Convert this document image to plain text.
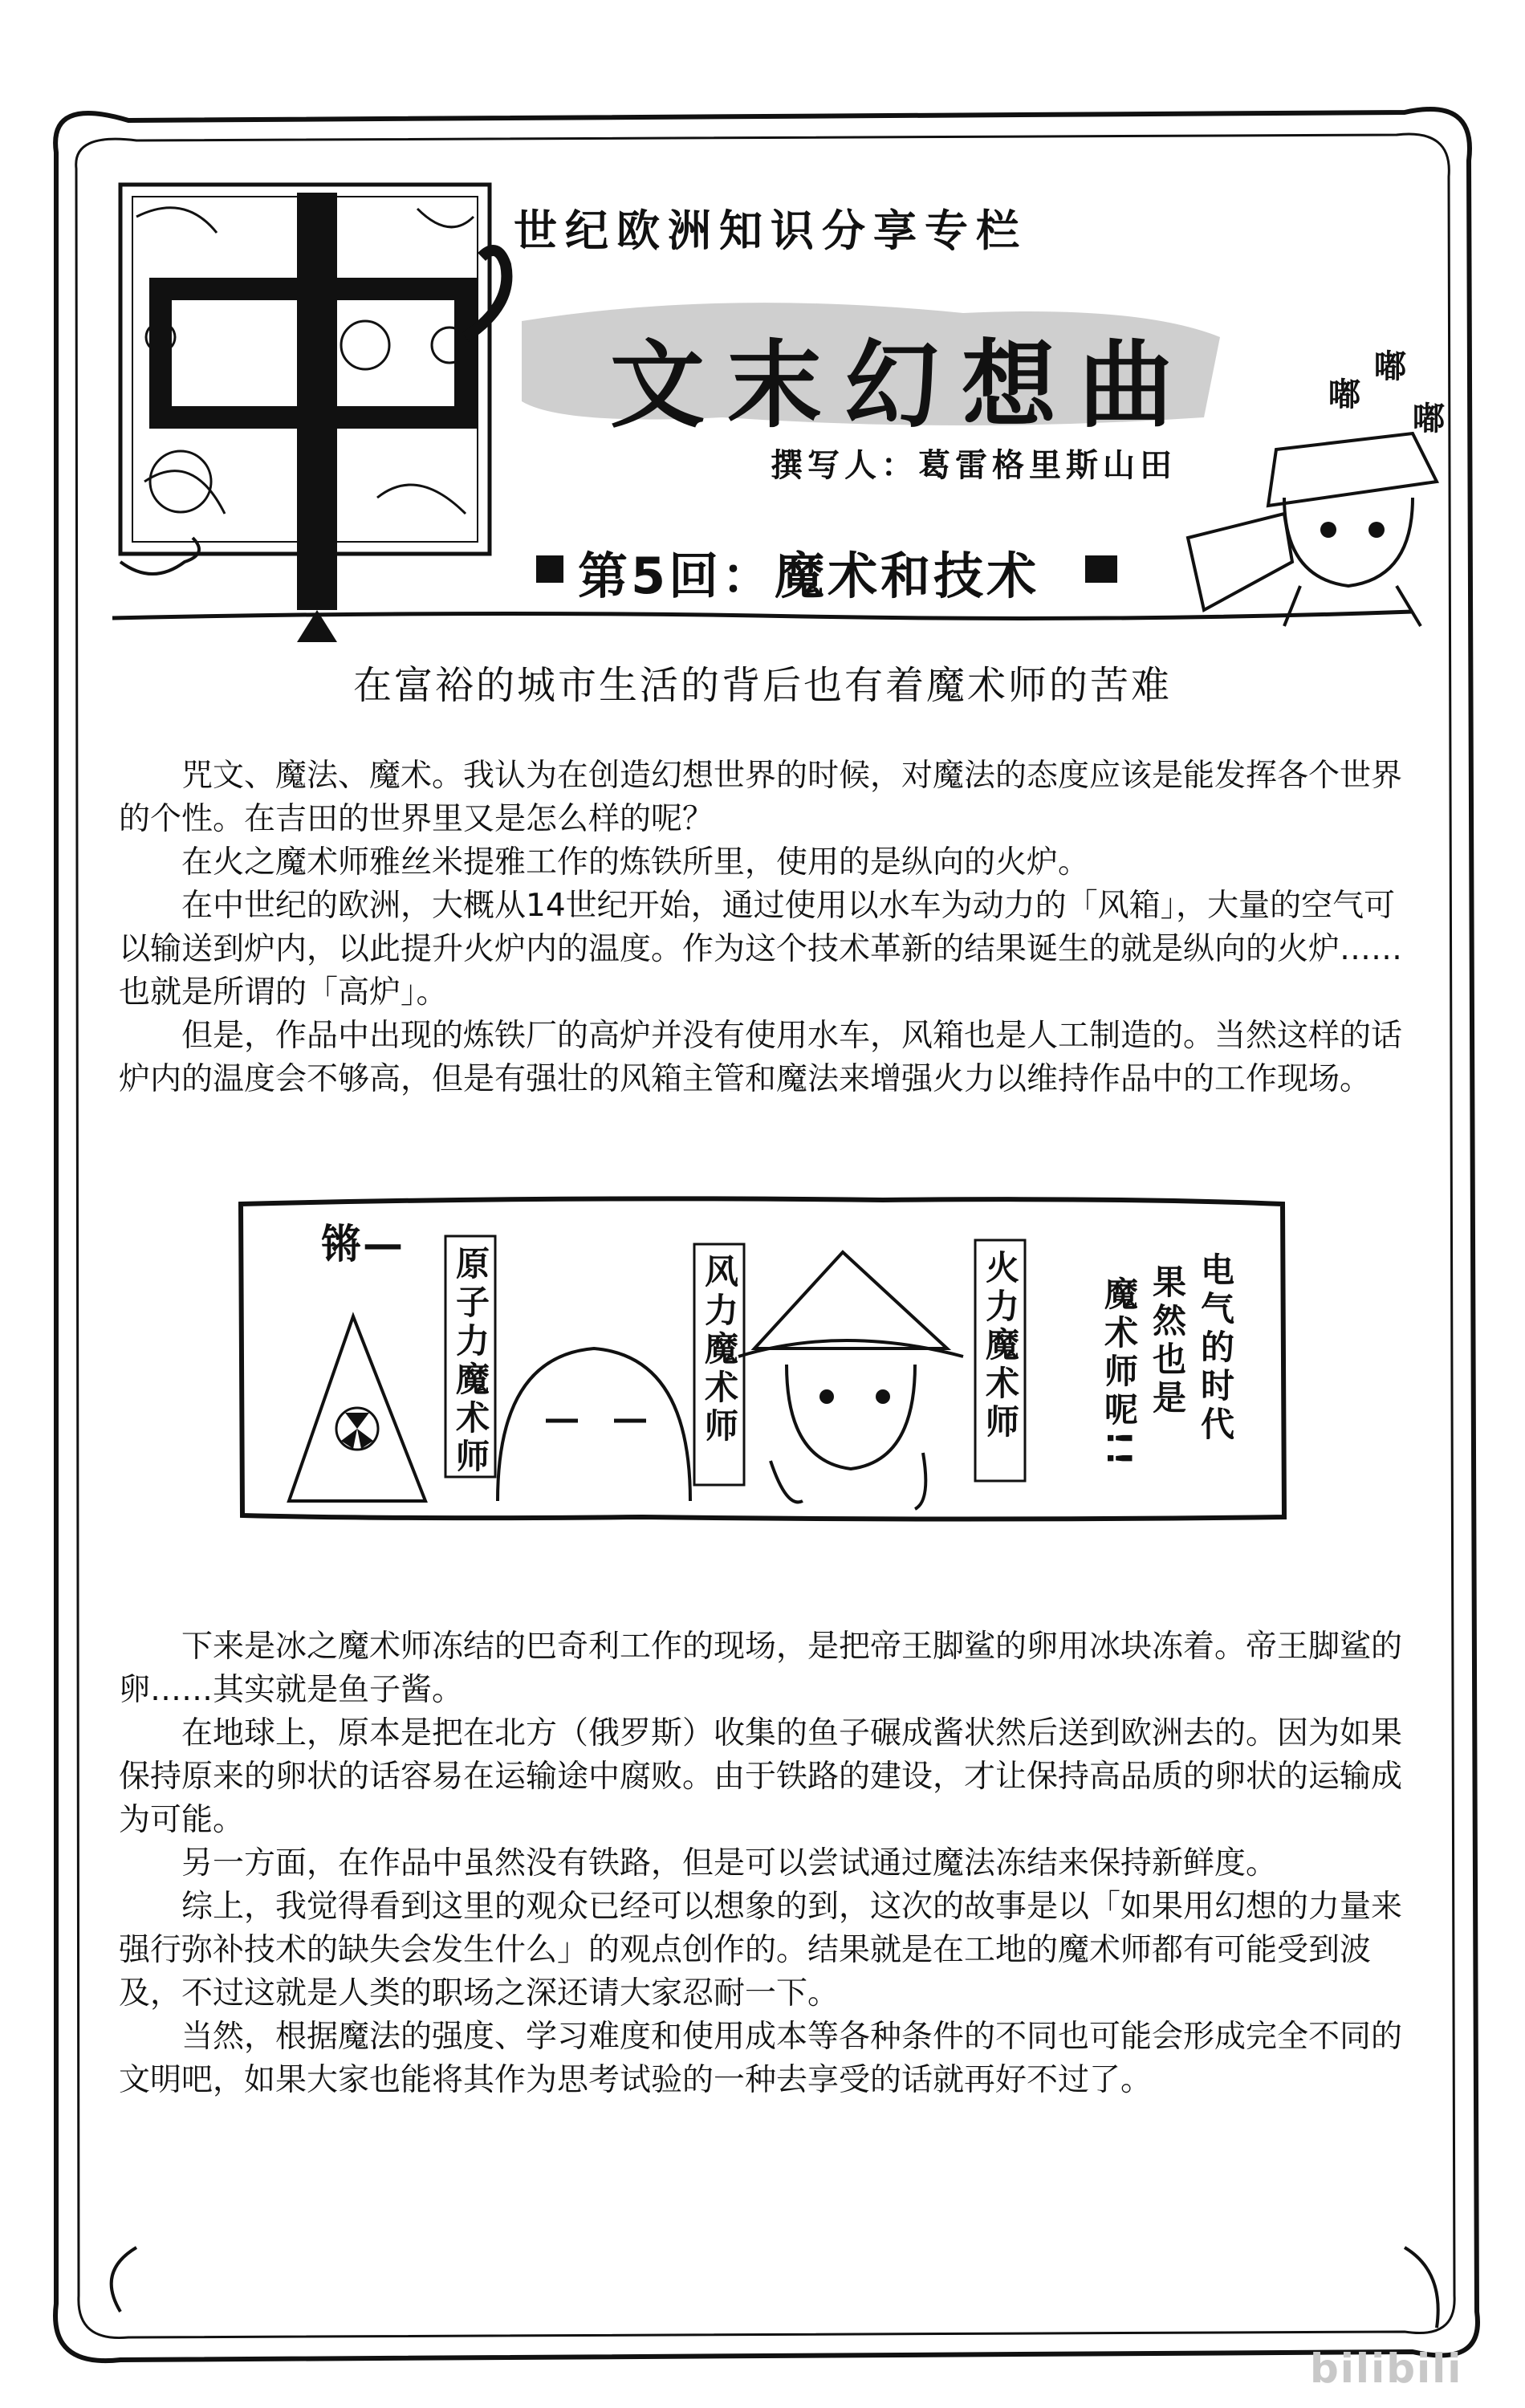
世纪欧洲知识分享专栏
文末幻想曲
撰写人：葛雷格里斯山田
第5回：魔术和技术
嘟
嘟
嘟
在富裕的城市生活的背后也有着魔术师的苦难

咒文、魔法、魔术。我认为在创造幻想世界的时候，对魔法的态度应该是能发挥各个世界的个性。在吉田的世界里又是怎么样的呢？

在火之魔术师雅丝米提雅工作的炼铁所里，使用的是纵向的火炉。

在中世纪的欧洲，大概从14世纪开始，通过使用以水车为动力的「风箱」，大量的空气可以输送到炉内，以此提升火炉内的温度。作为这个技术革新的结果诞生的就是纵向的火炉……也就是所谓的「高炉」。

但是，作品中出现的炼铁厂的高炉并没有使用水车，风箱也是人工制造的。当然这样的话炉内的温度会不够高，但是有强壮的风箱主管和魔法来增强火力以维持作品中的工作现场。

锵—
原子力魔术师	风力魔术师	火力魔术师	电气的时代
果然也是
魔术师呢!!

下来是冰之魔术师冻结的巴奇利工作的现场，是把帝王脚鲨的卵用冰块冻着。帝王脚鲨的卵……其实就是鱼子酱。

在地球上，原本是把在北方（俄罗斯）收集的鱼子碾成酱状然后送到欧洲去的。因为如果保持原来的卵状的话容易在运输途中腐败。由于铁路的建设，才让保持高品质的卵状的运输成为可能。

另一方面，在作品中虽然没有铁路，但是可以尝试通过魔法冻结来保持新鲜度。

综上，我觉得看到这里的观众已经可以想象的到，这次的故事是以「如果用幻想的力量来强行弥补技术的缺失会发生什么」的观点创作的。结果就是在工地的魔术师都有可能受到波及，不过这就是人类的职场之深还请大家忍耐一下。

当然，根据魔法的强度、学习难度和使用成本等各种条件的不同也可能会形成完全不同的文明吧，如果大家也能将其作为思考试验的一种去享受的话就再好不过了。

bilibili
